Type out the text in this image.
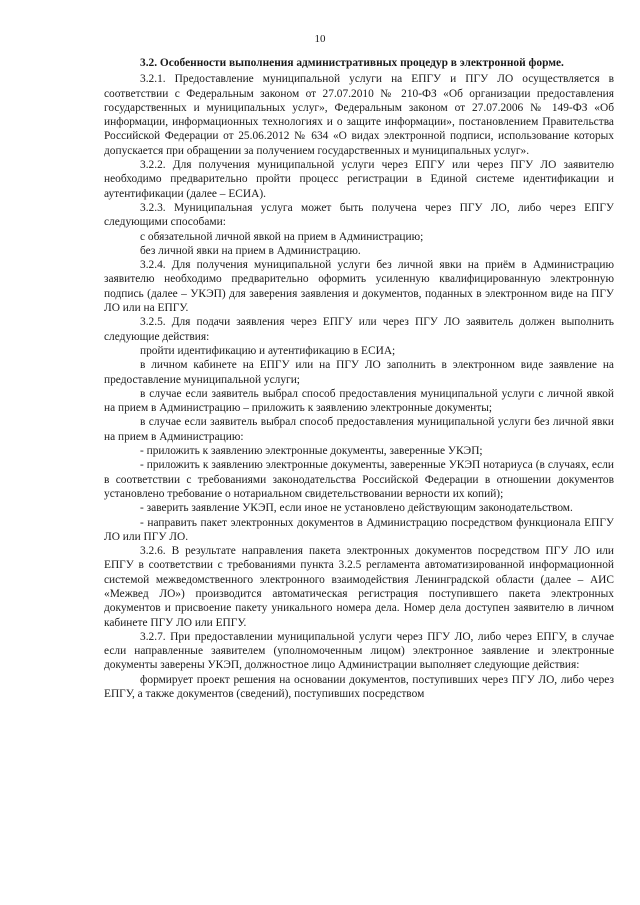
10

3.2. Особенности выполнения административных процедур в электронной форме.

3.2.1. Предоставление муниципальной услуги на ЕПГУ и ПГУ ЛО осуществляется в соответствии с Федеральным законом от 27.07.2010 № 210-ФЗ «Об организации предоставления государственных и муниципальных услуг», Федеральным законом от 27.07.2006 № 149-ФЗ «Об информации, информационных технологиях и о защите информации», постановлением Правительства Российской Федерации от 25.06.2012 № 634 «О видах электронной подписи, использование которых допускается при обращении за получением государственных и муниципальных услуг».

3.2.2. Для получения муниципальной услуги через ЕПГУ или через ПГУ ЛО заявителю необходимо предварительно пройти процесс регистрации в Единой системе идентификации и аутентификации (далее – ЕСИА).

3.2.3. Муниципальная услуга может быть получена через ПГУ ЛО, либо через ЕПГУ следующими способами:

с обязательной личной явкой на прием в Администрацию;

без личной явки на прием в Администрацию.

3.2.4. Для получения муниципальной услуги без личной явки на приём в Администрацию заявителю необходимо предварительно оформить усиленную квалифицированную электронную подпись (далее – УКЭП) для заверения заявления и документов, поданных в электронном виде на ПГУ ЛО или на ЕПГУ.

3.2.5. Для подачи заявления через ЕПГУ или через ПГУ ЛО заявитель должен выполнить следующие действия:

пройти идентификацию и аутентификацию в ЕСИА;

в личном кабинете на ЕПГУ или на ПГУ ЛО заполнить в электронном виде заявление на предоставление муниципальной услуги;

в случае если заявитель выбрал способ предоставления муниципальной услуги с личной явкой на прием в Администрацию – приложить к заявлению электронные документы;

в случае если заявитель выбрал способ предоставления муниципальной услуги без личной явки на прием в Администрацию:

- приложить к заявлению электронные документы, заверенные УКЭП;

- приложить к заявлению электронные документы, заверенные УКЭП нотариуса (в случаях, если в соответствии с требованиями законодательства Российской Федерации в отношении документов установлено требование о нотариальном свидетельствовании верности их копий);

- заверить заявление УКЭП, если иное не установлено действующим законодательством.

- направить пакет электронных документов в Администрацию посредством функционала ЕПГУ ЛО или ПГУ ЛО.

3.2.6. В результате направления пакета электронных документов посредством ПГУ ЛО или ЕПГУ в соответствии с требованиями пункта 3.2.5 регламента автоматизированной информационной системой межведомственного электронного взаимодействия Ленинградской области (далее – АИС «Межвед ЛО») производится автоматическая регистрация поступившего пакета электронных документов и присвоение пакету уникального номера дела. Номер дела доступен заявителю в личном кабинете ПГУ ЛО или ЕПГУ.

3.2.7. При предоставлении муниципальной услуги через ПГУ ЛО, либо через ЕПГУ, в случае если направленные заявителем (уполномоченным лицом) электронное заявление и электронные документы заверены УКЭП, должностное лицо Администрации выполняет следующие действия:

формирует проект решения на основании документов, поступивших через ПГУ ЛО, либо через ЕПГУ, а также документов (сведений), поступивших посредством
